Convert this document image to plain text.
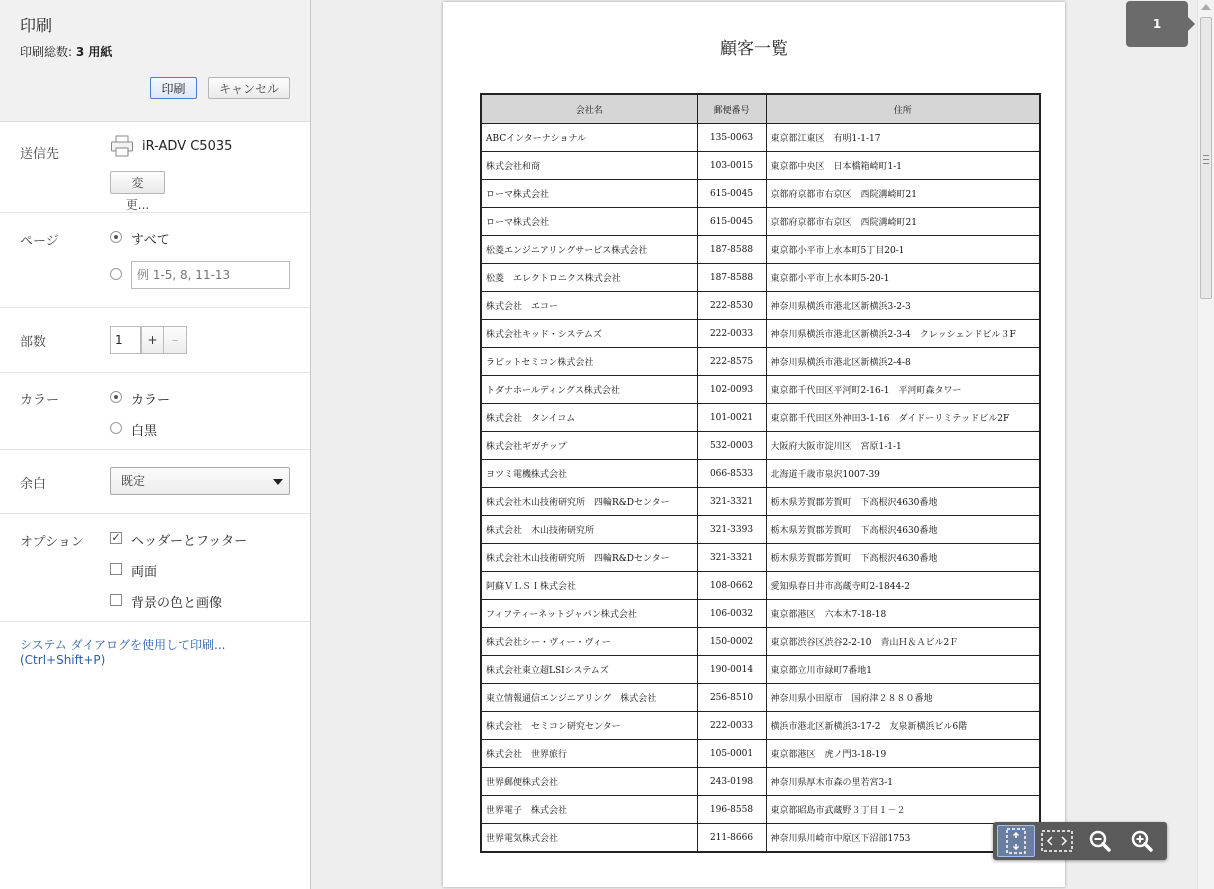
印刷
印刷総数: 3 用紙
印刷	キャンセル
送信先
iR-ADV C5035
変更...
ページ	すべて
例 1-5, 8, 11-13
部数	1	+	–
カラー	カラー
白黒
余白	既定
オプション	✓ ヘッダーとフッター
両面
背景の色と画像
システム ダイアログを使用して印刷... (Ctrl+Shift+P)
顧客一覧
会社名	郵便番号	住所
ABCインターナショナル	135-0063	東京都江東区　有明1-1-17
株式会社和商	103-0015	東京都中央区　日本橋箱崎町1-1
ローマ株式会社	615-0045	京都府京都市右京区　西院溝崎町21
ローマ株式会社	615-0045	京都府京都市右京区　西院溝崎町21
松菱エンジニアリングサービス株式会社	187-8588	東京都小平市上水本町5丁目20-1
松菱　エレクトロニクス株式会社	187-8588	東京都小平市上水本町5-20-1
株式会社　エコー	222-8530	神奈川県横浜市港北区新横浜3-2-3
株式会社キッド・システムズ	222-0033	神奈川県横浜市港北区新横浜2-3-4　クレッシェンドビル３F
ラビットセミコン株式会社	222-8575	神奈川県横浜市港北区新横浜2-4-8
トダナホールディングス株式会社	102-0093	東京都千代田区平河町2-16-1　平河町森タワー
株式会社　タンイコム	101-0021	東京都千代田区外神田3-1-16　ダイドーリミテッドビル2F
株式会社ギガチップ	532-0003	大阪府大阪市淀川区　宮原1-1-1
ヨツミ電機株式会社	066-8533	北海道千歳市泉沢1007-39
株式会社木山技術研究所　四輪R&Dセンター	321-3321	栃木県芳賀郡芳賀町　下高根沢4630番地
株式会社　木山技術研究所	321-3393	栃木県芳賀郡芳賀町　下高根沢4630番地
株式会社木山技術研究所　四輪R&Dセンター	321-3321	栃木県芳賀郡芳賀町　下高根沢4630番地
阿蘇ＶＬＳＩ株式会社	108-0662	愛知県春日井市高蔵寺町2-1844-2
フィフティーネットジャパン株式会社	106-0032	東京都港区　六本木7-18-18
株式会社シー・ヴィー・ヴィー	150-0002	東京都渋谷区渋谷2-2-10　青山Ｈ＆Ａビル2Ｆ
株式会社東立超LSIシステムズ	190-0014	東京都立川市緑町7番地1
東立情報通信エンジニアリング　株式会社	256-8510	神奈川県小田原市　国府津２８８０番地
株式会社　セミコン研究センター	222-0033	横浜市港北区新横浜3-17-2　友泉新横浜ビル6階
株式会社　世界旅行	105-0001	東京都港区　虎ノ門3-18-19
世界郵便株式会社	243-0198	神奈川県厚木市森の里若宮3-1
世界電子　株式会社	196-8558	東京都昭島市武蔵野３丁目１－２
世界電気株式会社	211-8666	神奈川県川崎市中原区下沼部1753
1
